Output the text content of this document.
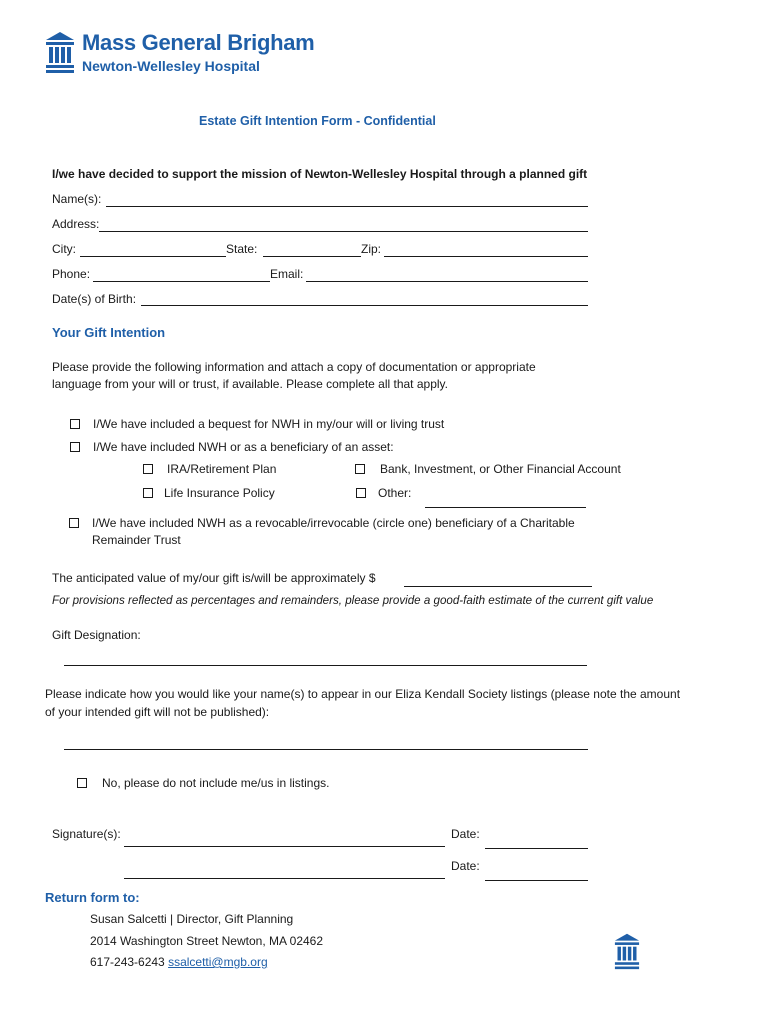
Mass General Brigham
Newton-Wellesley Hospital
Estate Gift Intention Form - Confidential
I/we have decided to support the mission of Newton-Wellesley Hospital through a planned gift
Name(s):
Address:
City:	State:	Zip:
Phone:	Email:
Date(s) of Birth:
Your Gift Intention
Please provide the following information and attach a copy of documentation or appropriate
language from your will or trust, if available. Please complete all that apply.
I/We have included a bequest for NWH in my/our will or living trust
I/We have included NWH or as a beneficiary of an asset:
IRA/Retirement Plan	Bank, Investment, or Other Financial Account
Life Insurance Policy	Other:
I/We have included NWH as a revocable/irrevocable (circle one) beneficiary of a Charitable
Remainder Trust
The anticipated value of my/our gift is/will be approximately $
For provisions reflected as percentages and remainders, please provide a good-faith estimate of the current gift value
Gift Designation:
Please indicate how you would like your name(s) to appear in our Eliza Kendall Society listings (please note the amount
of your intended gift will not be published):
No, please do not include me/us in listings.
Signature(s):	Date:
Date:
Return form to:
Susan Salcetti | Director, Gift Planning
2014 Washington Street Newton, MA 02462
617-243-6243 ssalcetti@mgb.org
